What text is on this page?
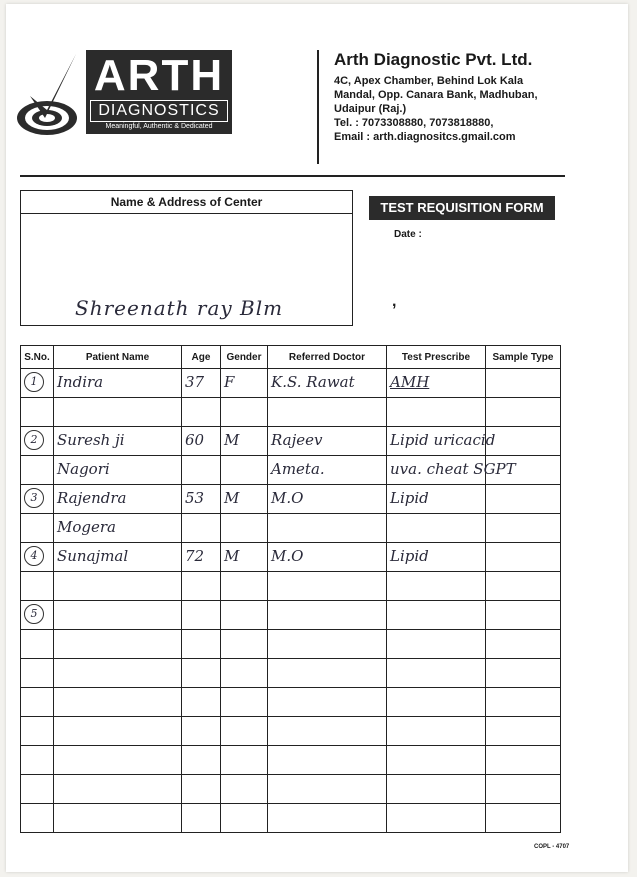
ARTH
DIAGNOSTICS
Meaningful, Authentic & Dedicated
Arth Diagnostic Pvt. Ltd.
4C, Apex Chamber, Behind Lok Kala
Mandal, Opp. Canara Bank, Madhuban,
Udaipur (Raj.)
Tel. : 7073308880, 7073818880,
Email : arth.diagnositcs.gmail.com
Name & Address of Center
Shreenath ray Blm	,
TEST REQUISITION FORM
Date :
S.No.	Patient Name	Age	Gender	Referred Doctor	Test Prescribe	Sample Type

1	Indira	37	F	K.S. Rawat	AMH	

2	Suresh ji	60	M	Rajeev	Lipid uricacid	

	Nagori			Ameta.	uva. cheat SGPT	

3	Rajendra	53	M	M.O	Lipid	

	Mogera					

4	Sunajmal	72	M	M.O	Lipid	

5						

COPL - 4707
